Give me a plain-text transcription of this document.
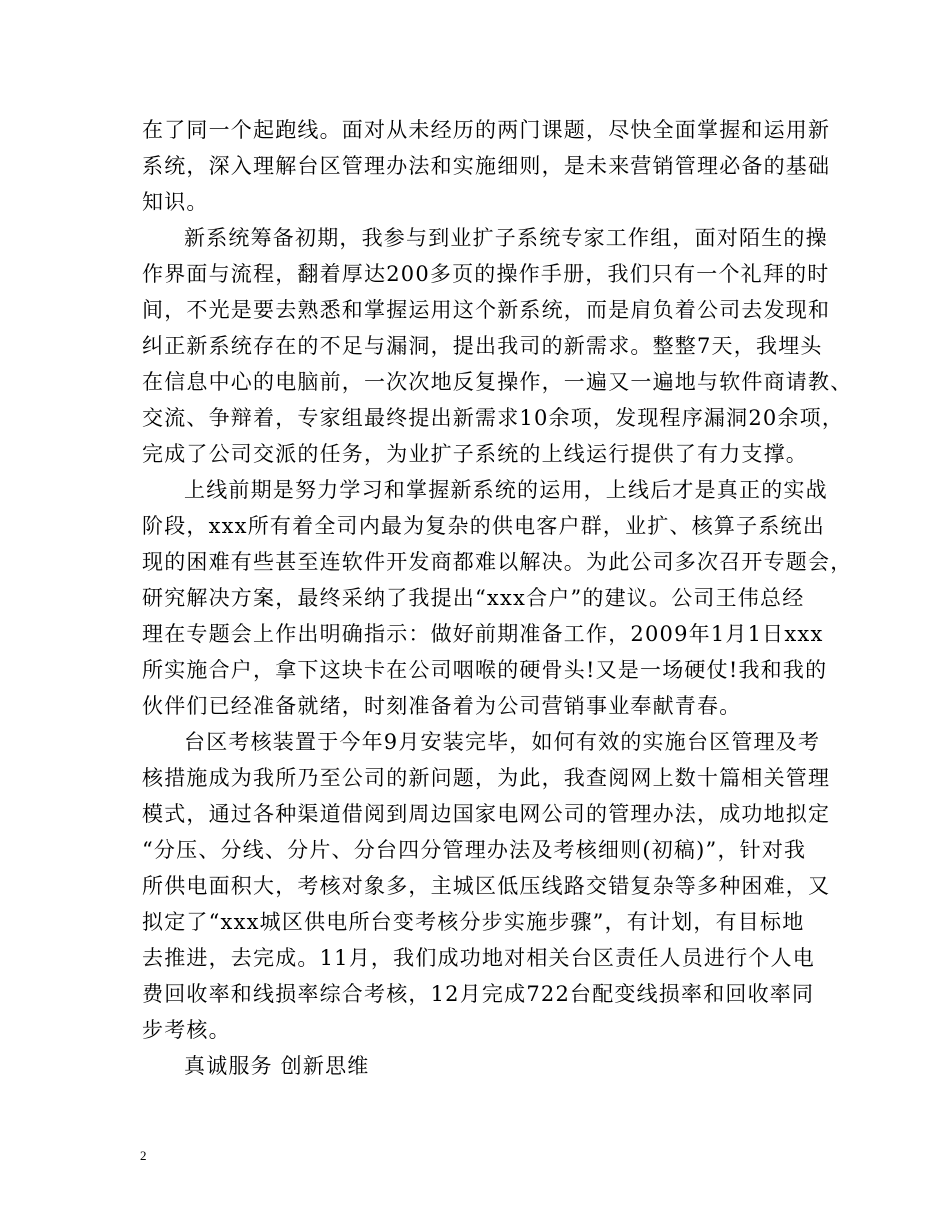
在了同一个起跑线。面对从未经历的两门课题，尽快全面掌握和运用新
系统，深入理解台区管理办法和实施细则，是未来营销管理必备的基础
知识。
新系统筹备初期，我参与到业扩子系统专家工作组，面对陌生的操
作界面与流程，翻着厚达200多页的操作手册，我们只有一个礼拜的时
间，不光是要去熟悉和掌握运用这个新系统，而是肩负着公司去发现和
纠正新系统存在的不足与漏洞，提出我司的新需求。整整7天，我埋头
在信息中心的电脑前，一次次地反复操作，一遍又一遍地与软件商请教、
交流、争辩着，专家组最终提出新需求10余项，发现程序漏洞20余项，
完成了公司交派的任务，为业扩子系统的上线运行提供了有力支撑。
上线前期是努力学习和掌握新系统的运用，上线后才是真正的实战
阶段，xxx所有着全司内最为复杂的供电客户群，业扩、核算子系统出
现的困难有些甚至连软件开发商都难以解决。为此公司多次召开专题会，
研究解决方案，最终采纳了我提出“xxx合户”的建议。公司王伟总经
理在专题会上作出明确指示：做好前期准备工作，2009年1月1日xxx
所实施合户，拿下这块卡在公司咽喉的硬骨头!又是一场硬仗!我和我的
伙伴们已经准备就绪，时刻准备着为公司营销事业奉献青春。
台区考核装置于今年9月安装完毕，如何有效的实施台区管理及考
核措施成为我所乃至公司的新问题，为此，我查阅网上数十篇相关管理
模式，通过各种渠道借阅到周边国家电网公司的管理办法，成功地拟定
“分压、分线、分片、分台四分管理办法及考核细则(初稿)”，针对我
所供电面积大，考核对象多，主城区低压线路交错复杂等多种困难，又
拟定了“xxx城区供电所台变考核分步实施步骤”，有计划，有目标地
去推进，去完成。11月，我们成功地对相关台区责任人员进行个人电
费回收率和线损率综合考核，12月完成722台配变线损率和回收率同
步考核。
真诚服务 创新思维
2
